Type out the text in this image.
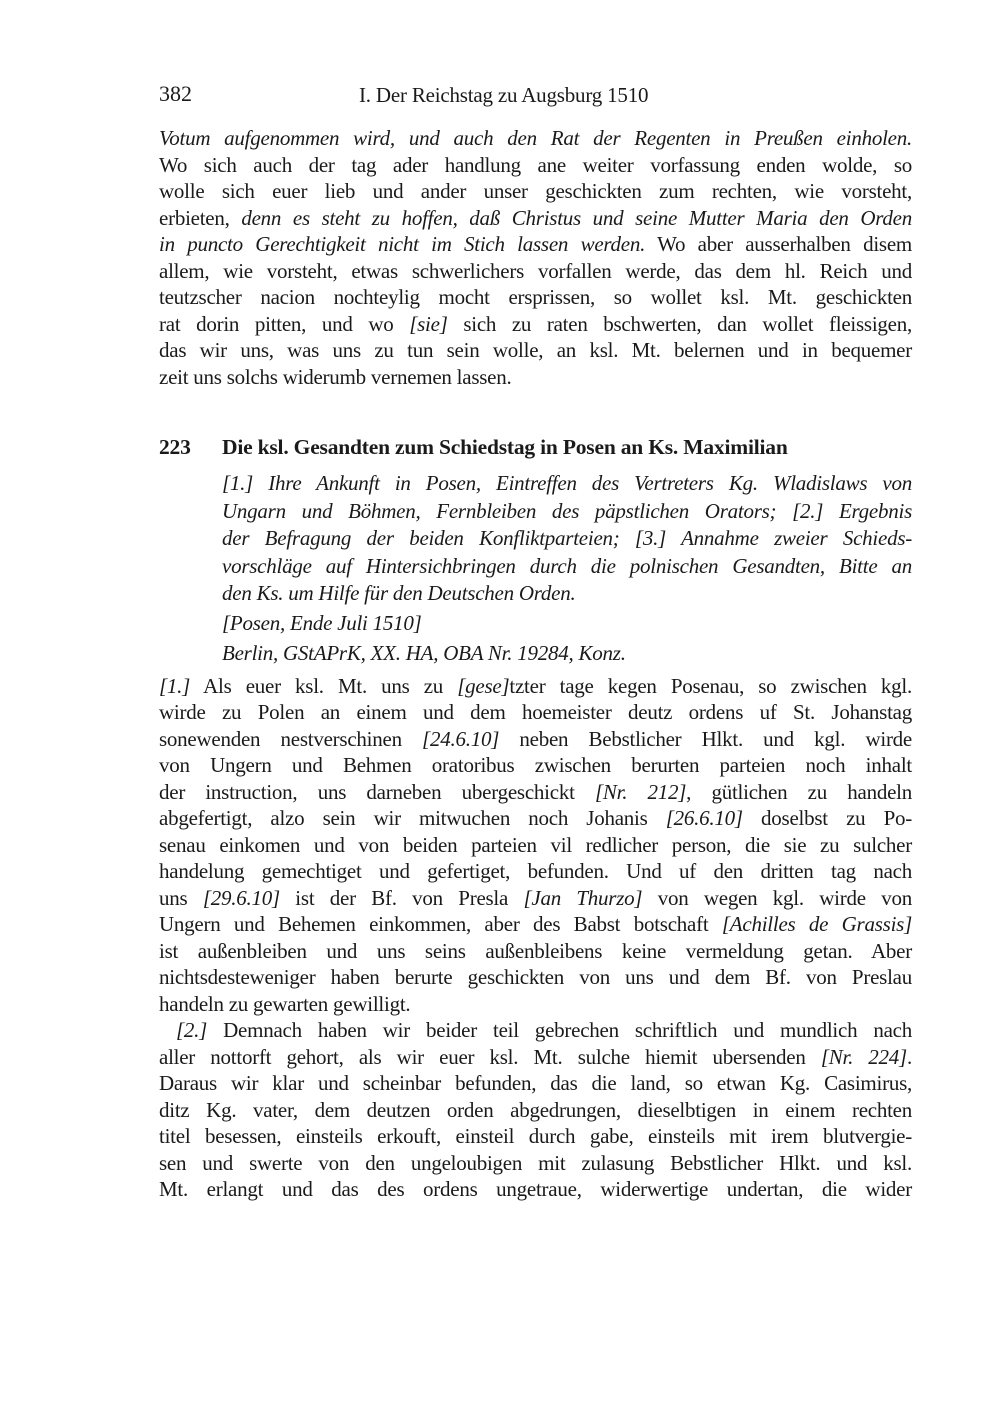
382	I. Der Reichstag zu Augsburg 1510
Votum aufgenommen wird, und auch den Rat der Regenten in Preußen einholen.
Wo sich auch der tag ader handlung ane weiter vorfassung enden wolde, so
wolle sich euer lieb und ander unser geschickten zum rechten, wie vorsteht,
erbieten, denn es steht zu hoffen, daß Christus und seine Mutter Maria den Orden
in puncto Gerechtigkeit nicht im Stich lassen werden. Wo aber ausserhalben disem
allem, wie vorsteht, etwas schwerlichers vorfallen werde, das dem hl. Reich und
teutzscher nacion nochteylig mocht ersprissen, so wollet ksl. Mt. geschickten
rat dorin pitten, und wo [sie] sich zu raten bschwerten, dan wollet fleissigen,
das wir uns, was uns zu tun sein wolle, an ksl. Mt. belernen und in bequemer
zeit uns solchs widerumb vernemen lassen.
223	Die ksl. Gesandten zum Schiedstag in Posen an Ks. Maximilian
[1.] Ihre Ankunft in Posen, Eintreffen des Vertreters Kg. Wladislaws von
Ungarn und Böhmen, Fernbleiben des päpstlichen Orators; [2.] Ergebnis
der Befragung der beiden Konfliktparteien; [3.] Annahme zweier Schieds-
vorschläge auf Hintersichbringen durch die polnischen Gesandten, Bitte an
den Ks. um Hilfe für den Deutschen Orden.
[Posen, Ende Juli 1510]
Berlin, GStAPrK, XX. HA, OBA Nr. 19284, Konz.
[1.] Als euer ksl. Mt. uns zu [gese]tzter tage kegen Posenau, so zwischen kgl.
wirde zu Polen an einem und dem hoemeister deutz ordens uf St. Johanstag
sonewenden nestverschinen [24.6.10] neben Bebstlicher Hlkt. und kgl. wirde
von Ungern und Behmen oratoribus zwischen berurten parteien noch inhalt
der instruction, uns darneben ubergeschickt [Nr. 212], gütlichen zu handeln
abgefertigt, alzo sein wir mitwuchen noch Johanis [26.6.10] doselbst zu Po-
senau einkomen und von beiden parteien vil redlicher person, die sie zu sulcher
handelung gemechtiget und gefertiget, befunden. Und uf den dritten tag nach
uns [29.6.10] ist der Bf. von Presla [Jan Thurzo] von wegen kgl. wirde von
Ungern und Behemen einkommen, aber des Babst botschaft [Achilles de Grassis]
ist außenbleiben und uns seins außenbleibens keine vermeldung getan. Aber
nichtsdesteweniger haben berurte geschickten von uns und dem Bf. von Preslau
handeln zu gewarten gewilligt.
[2.] Demnach haben wir beider teil gebrechen schriftlich und mundlich nach
aller nottorft gehort, als wir euer ksl. Mt. sulche hiemit ubersenden [Nr. 224].
Daraus wir klar und scheinbar befunden, das die land, so etwan Kg. Casimirus,
ditz Kg. vater, dem deutzen orden abgedrungen, dieselbtigen in einem rechten
titel besessen, einsteils erkouft, einsteil durch gabe, einsteils mit irem blutvergie-
sen und swerte von den ungeloubigen mit zulasung Bebstlicher Hlkt. und ksl.
Mt. erlangt und das des ordens ungetraue, widerwertige undertan, die wider
